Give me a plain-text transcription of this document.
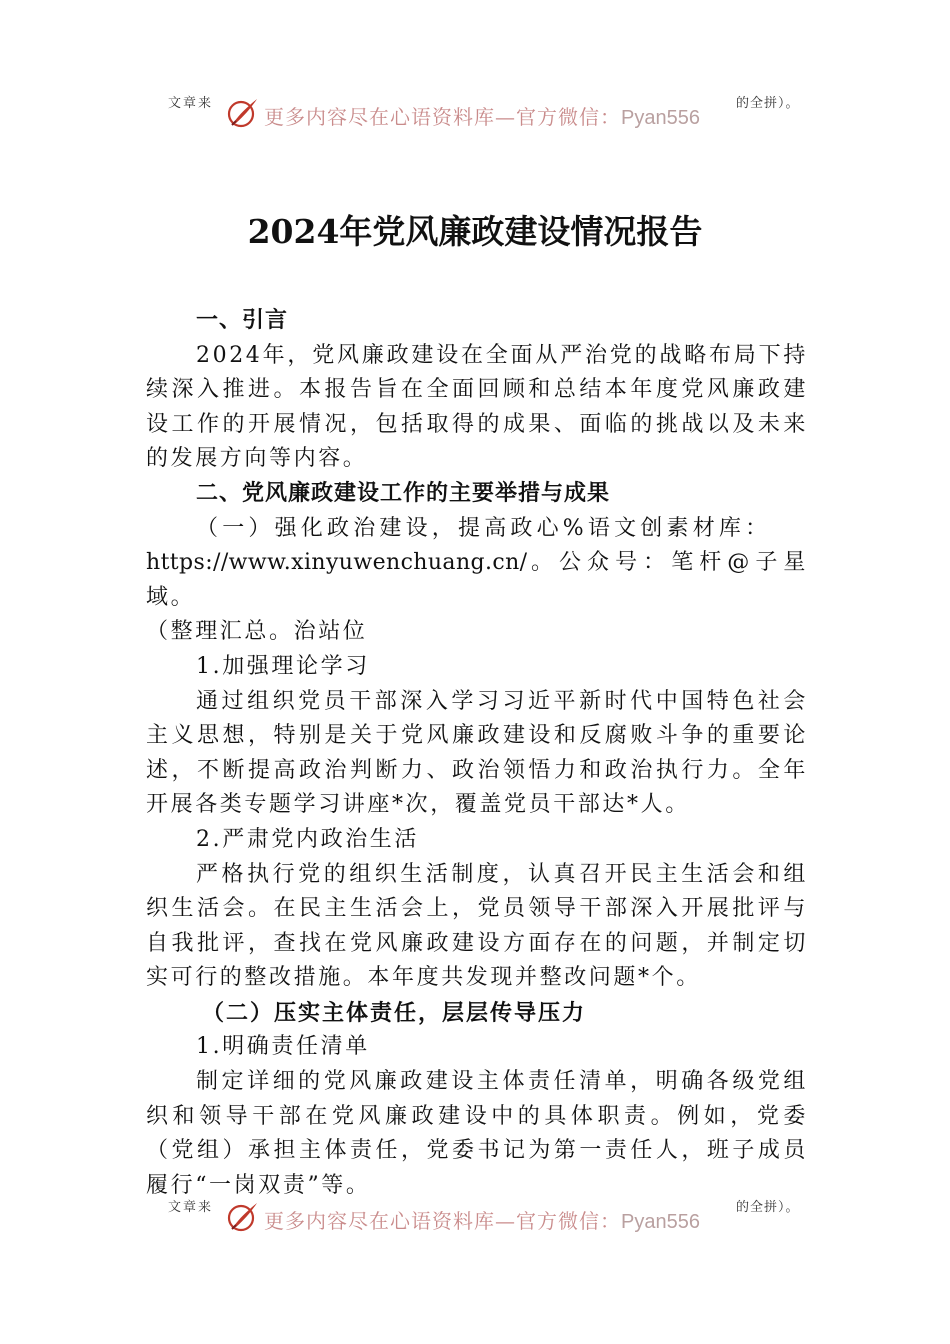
文章来
更多内容尽在心语资料库—官方微信：Pyan556
的全拼）。
2024年党风廉政建设情况报告

一、引言

2024年，党风廉政建设在全面从严治党的战略布局下持续深入推进。本报告旨在全面回顾和总结本年度党风廉政建设工作的开展情况，包括取得的成果、面临的挑战以及未来的发展方向等内容。

二、党风廉政建设工作的主要举措与成果

（一）强化政治建设，提高政心%语文创素材库：

https://www.xinyuwenchuang.cn/。公众号：笔杆@子星域。

（整理汇总。治站位

1.加强理论学习

通过组织党员干部深入学习习近平新时代中国特色社会主义思想，特别是关于党风廉政建设和反腐败斗争的重要论述，不断提高政治判断力、政治领悟力和政治执行力。全年开展各类专题学习讲座*次，覆盖党员干部达*人。

2.严肃党内政治生活

严格执行党的组织生活制度，认真召开民主生活会和组织生活会。在民主生活会上，党员领导干部深入开展批评与自我批评，查找在党风廉政建设方面存在的问题，并制定切实可行的整改措施。本年度共发现并整改问题*个。

（二）压实主体责任，层层传导压力

1.明确责任清单

制定详细的党风廉政建设主体责任清单，明确各级党组织和领导干部在党风廉政建设中的具体职责。例如，党委（党组）承担主体责任，党委书记为第一责任人，班子成员履行“一岗双责”等。

文章来
更多内容尽在心语资料库—官方微信：Pyan556
的全拼）。
